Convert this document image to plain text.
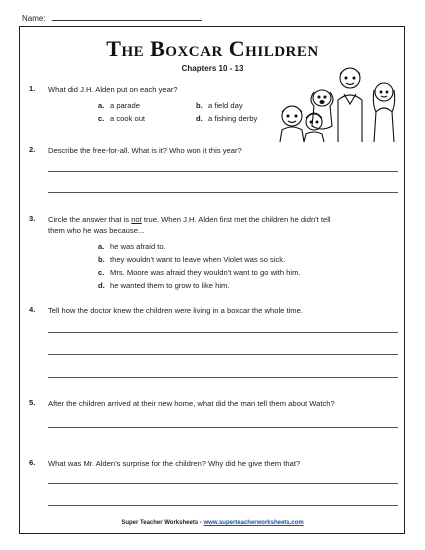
Name:
The Boxcar Children
Chapters 10 - 13
1. What did J.H. Alden put on each year?
a. a parade	b. a field day
c. a cook out	d. a fishing derby
2. Describe the free-for-all. What is it? Who won it this year?
3. Circle the answer that is not true. When J.H. Alden first met the children he didn't tell
them who he was because...
a. he was afraid to.
b. they wouldn't want to leave when Violet was so sick.
c. Mrs. Moore was afraid they wouldn't want to go with him.
d. he wanted them to grow to like him.
4. Tell how the doctor knew the children were living in a boxcar the whole time.
5. After the children arrived at their new home, what did the man tell them about Watch?
6. What was Mr. Alden's surprise for the children? Why did he give them that?
Super Teacher Worksheets - www.superteacherworksheets.com
